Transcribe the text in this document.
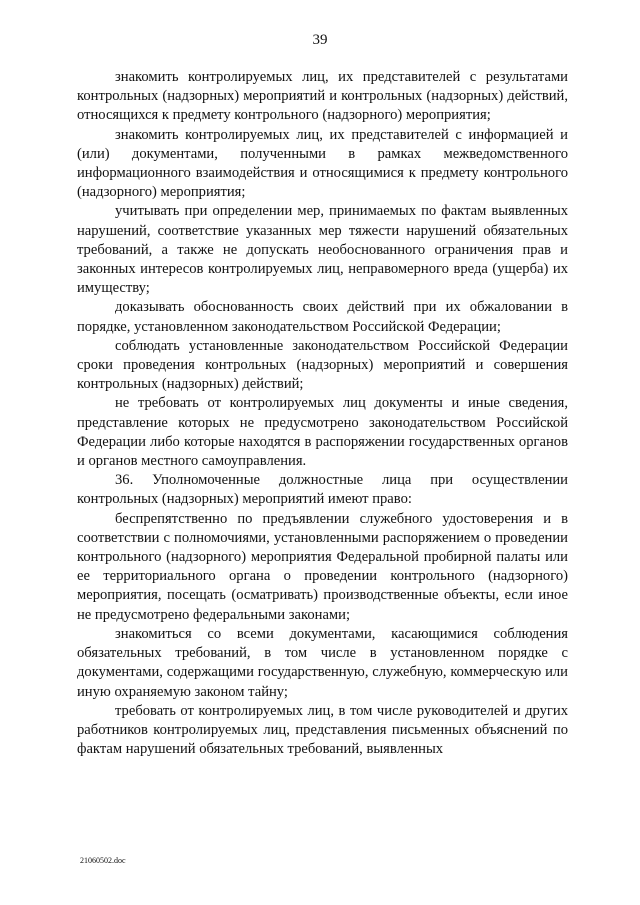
39

знакомить контролируемых лиц, их представителей с результатами контрольных (надзорных) мероприятий и контрольных (надзорных) действий, относящихся к предмету контрольного (надзорного) мероприятия;

знакомить контролируемых лиц, их представителей с информацией и (или) документами, полученными в рамках межведомственного информационного взаимодействия и относящимися к предмету контрольного (надзорного) мероприятия;

учитывать при определении мер, принимаемых по фактам выявленных нарушений, соответствие указанных мер тяжести нарушений обязательных требований, а также не допускать необоснованного ограничения прав и законных интересов контролируемых лиц, неправомерного вреда (ущерба) их имуществу;

доказывать обоснованность своих действий при их обжаловании в порядке, установленном законодательством Российской Федерации;

соблюдать установленные законодательством Российской Федерации сроки проведения контрольных (надзорных) мероприятий и совершения контрольных (надзорных) действий;

не требовать от контролируемых лиц документы и иные сведения, представление которых не предусмотрено законодательством Российской Федерации либо которые находятся в распоряжении государственных органов и органов местного самоуправления.

36. Уполномоченные должностные лица при осуществлении контрольных (надзорных) мероприятий имеют право:

беспрепятственно по предъявлении служебного удостоверения и в соответствии с полномочиями, установленными распоряжением о проведении контрольного (надзорного) мероприятия Федеральной пробирной палаты или ее территориального органа о проведении контрольного (надзорного) мероприятия, посещать (осматривать) производственные объекты, если иное не предусмотрено федеральными законами;

знакомиться со всеми документами, касающимися соблюдения обязательных требований, в том числе в установленном порядке с документами, содержащими государственную, служебную, коммерческую или иную охраняемую законом тайну;

требовать от контролируемых лиц, в том числе руководителей и других работников контролируемых лиц, представления письменных объяснений по фактам нарушений обязательных требований, выявленных

21060502.doc
